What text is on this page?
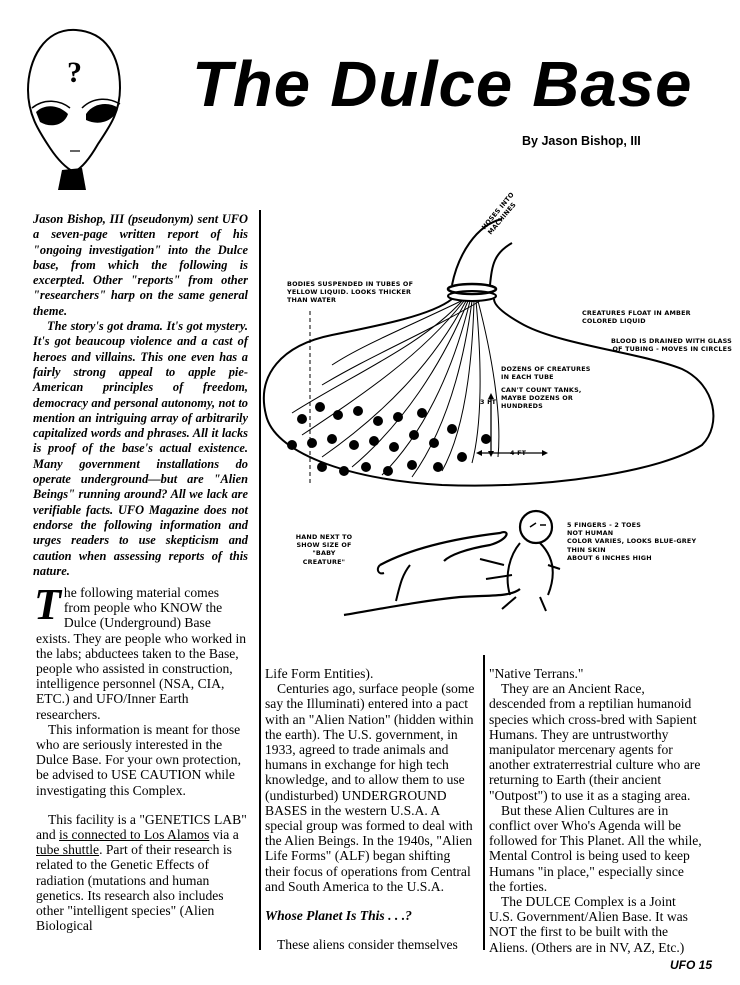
? The Dulce Base
By Jason Bishop, III

Jason Bishop, III (pseudonym) sent UFO a seven-page written report of his "ongoing investigation" into the Dulce base, from which the following is excerpted. Other "reports" from other "researchers" harp on the same general theme.

The story's got drama. It's got mystery. It's got beaucoup violence and a cast of heroes and villains. This one even has a fairly strong appeal to apple pie-American principles of freedom, democracy and personal autonomy, not to mention an intriguing array of arbitrarily capitalized words and phrases. All it lacks is proof of the base's actual existence. Many government installations do operate underground—but are "Alien Beings" running around? All we lack are verifiable facts. UFO Magazine does not endorse the following information and urges readers to use skepticism and caution when assessing reports of this nature.

HOSES INTO MACHINES
BODIES SUSPENDED IN TUBES OF YELLOW LIQUID. LOOKS THICKER THAN WATER
CREATURES FLOAT IN AMBER COLORED LIQUID
BLOOD IS DRAINED WITH GLASS OF TUBING - MOVES IN CIRCLES
DOZENS OF CREATURES IN EACH TUBE
CAN'T COUNT TANKS, MAYBE DOZENS OR HUNDREDS
3 FT
4 FT
HAND NEXT TO SHOW SIZE OF "BABY CREATURE"
5 FINGERS - 2 TOES
NOT HUMAN
COLOR VARIES, LOOKS BLUE-GREY
THIN SKIN
ABOUT 6 INCHES HIGH

The following material comes from people who KNOW the Dulce (Underground) Base exists. They are people who worked in the labs; abductees taken to the Base, people who assisted in construction, intelligence personnel (NSA, CIA, ETC.) and UFO/Inner Earth researchers.

This information is meant for those who are seriously interested in the Dulce Base. For your own protection, be advised to USE CAUTION while investigating this Complex.

This facility is a "GENETICS LAB" and is connected to Los Alamos via a tube shuttle. Part of their research is related to the Genetic Effects of radiation (mutations and human genetics. Its research also includes other "intelligent species" (Alien Biological

Life Form Entities).

Centuries ago, surface people (some say the Illuminati) entered into a pact with an "Alien Nation" (hidden within the earth). The U.S. government, in 1933, agreed to trade animals and humans in exchange for high tech knowledge, and to allow them to use (undisturbed) UNDERGROUND BASES in the western U.S.A. A special group was formed to deal with the Alien Beings. In the 1940s, "Alien Life Forms" (ALF) began shifting their focus of operations from Central and South America to the U.S.A.

Whose Planet Is This . . .?

These aliens consider themselves

"Native Terrans."

They are an Ancient Race, descended from a reptilian humanoid species which cross-bred with Sapient Humans. They are untrustworthy manipulator mercenary agents for another extraterrestrial culture who are returning to Earth (their ancient "Outpost") to use it as a staging area.

But these Alien Cultures are in conflict over Who's Agenda will be followed for This Planet. All the while, Mental Control is being used to keep Humans "in place," especially since the forties.

The DULCE Complex is a Joint U.S. Government/Alien Base. It was NOT the first to be built with the Aliens. (Others are in NV, AZ, Etc.)

UFO 15
